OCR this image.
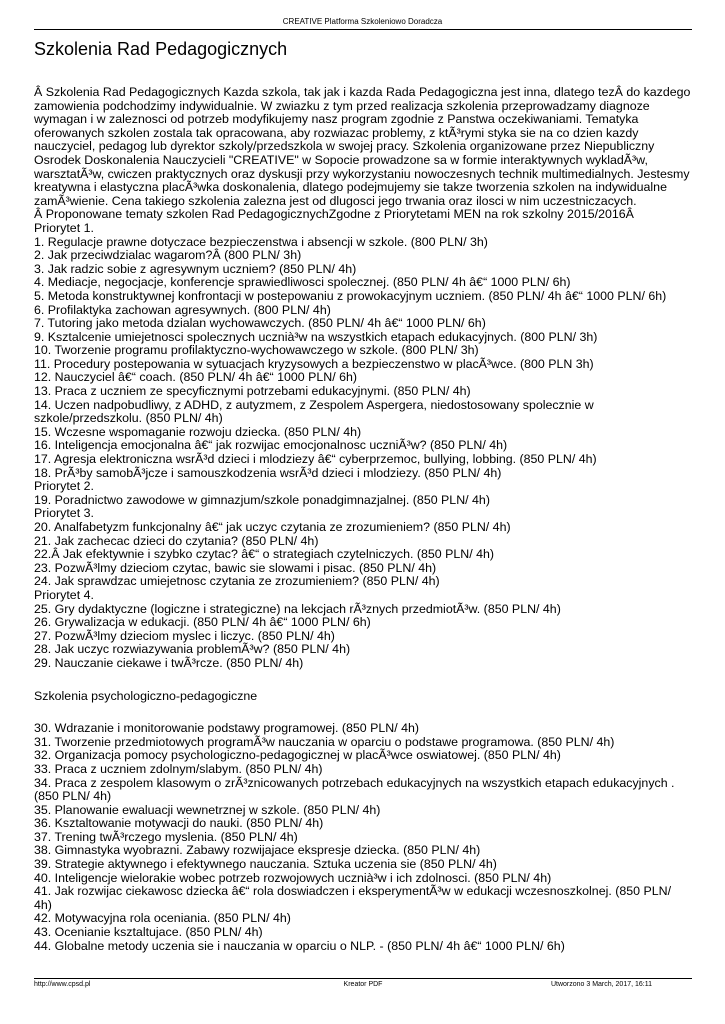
CREATIVE Platforma Szkoleniowo Doradcza
Szkolenia Rad Pedagogicznych

Â Szkolenia Rad Pedagogicznych Kazda szkola, tak jak i kazda Rada Pedagogiczna jest inna, dlatego tezÂ do kazdego zamowienia podchodzimy indywidualnie. W zwiazku z tym przed realizacja szkolenia przeprowadzamy diagnoze wymagan i w zaleznosci od potrzeb modyfikujemy nasz program zgodnie z Panstwa oczekiwaniami. Tematyka oferowanych szkolen zostala tak opracowana, aby rozwiazac problemy, z ktÃ³rymi styka sie na co dzien kazdy nauczyciel, pedagog lub dyrektor szkoly/przedszkola w swojej pracy. Szkolenia organizowane przez Niepubliczny Osrodek Doskonalenia Nauczycieli "CREATIVE" w Sopocie prowadzone sa w formie interaktywnych wykladÃ³w, warsztatÃ³w, cwiczen praktycznych oraz dyskusji przy wykorzystaniu nowoczesnych technik multimedialnych. Jestesmy kreatywna i elastyczna placÃ³wka doskonalenia, dlatego podejmujemy sie takze tworzenia szkolen na indywidualne zamÃ³wienie. Cena takiego szkolenia zalezna jest od dlugosci jego trwania oraz ilosci w nim uczestniczacych.

Â Proponowane tematy szkolen Rad PedagogicznychZgodne z Priorytetami MEN na rok szkolny 2015/2016Â

Priorytet 1.

1. Regulacje prawne dotyczace bezpieczenstwa i absencji w szkole. (800 PLN/ 3h)

2. Jak przeciwdzialac wagarom?Â (800 PLN/ 3h)

3. Jak radzic sobie z agresywnym uczniem? (850 PLN/ 4h)

4. Mediacje, negocjacje, konferencje sprawiedliwosci spolecznej. (850 PLN/ 4h â€“ 1000 PLN/ 6h)

5. Metoda konstruktywnej konfrontacji w postepowaniu z prowokacyjnym uczniem. (850 PLN/ 4h â€“ 1000 PLN/ 6h)

6. Profilaktyka zachowan agresywnych. (800 PLN/ 4h)

7. Tutoring jako metoda dzialan wychowawczych. (850 PLN/ 4h â€“ 1000 PLN/ 6h)

9. Ksztalcenie umiejetnosci spolecznych ucznià³w na wszystkich etapach edukacyjnych. (800 PLN/ 3h)

10. Tworzenie programu profilaktyczno-wychowawczego w szkole. (800 PLN/ 3h)

11. Procedury postepowania w sytuacjach kryzysowych a bezpieczenstwo w placÃ³wce. (800 PLN 3h)

12. Nauczyciel â€“ coach. (850 PLN/ 4h â€“ 1000 PLN/ 6h)

13. Praca z uczniem ze specyficznymi potrzebami edukacyjnymi. (850 PLN/ 4h)

14. Uczen nadpobudliwy, z ADHD, z autyzmem, z Zespolem Aspergera, niedostosowany spolecznie w szkole/przedszkolu. (850 PLN/ 4h)

15. Wczesne wspomaganie rozwoju dziecka. (850 PLN/ 4h)

16. Inteligencja emocjonalna â€“ jak rozwijac emocjonalnosc uczniÃ³w? (850 PLN/ 4h)

17. Agresja elektroniczna wsrÃ³d dzieci i mlodziezy â€“ cyberprzemoc, bullying, lobbing. (850 PLN/ 4h)

18. PrÃ³by samobÃ³jcze i samouszkodzenia wsrÃ³d dzieci i mlodziezy. (850 PLN/ 4h)

Priorytet 2.

19. Poradnictwo zawodowe w gimnazjum/szkole ponadgimnazjalnej. (850 PLN/ 4h)

Priorytet 3.

20. Analfabetyzm funkcjonalny â€“ jak uczyc czytania ze zrozumieniem? (850 PLN/ 4h)

21. Jak zachecac dzieci do czytania? (850 PLN/ 4h)

22.Â Jak efektywnie i szybko czytac? â€“ o strategiach czytelniczych. (850 PLN/ 4h)

23. PozwÃ³lmy dzieciom czytac, bawic sie slowami i pisac. (850 PLN/ 4h)

24. Jak sprawdzac umiejetnosc czytania ze zrozumieniem? (850 PLN/ 4h)

Priorytet 4.

25. Gry dydaktyczne (logiczne i strategiczne) na lekcjach rÃ³znych przedmiotÃ³w. (850 PLN/ 4h)

26. Grywalizacja w edukacji. (850 PLN/ 4h â€“ 1000 PLN/ 6h)

27. PozwÃ³lmy dzieciom myslec i liczyc. (850 PLN/ 4h)

28. Jak uczyc rozwiazywania problemÃ³w? (850 PLN/ 4h)

29. Nauczanie ciekawe i twÃ³rcze. (850 PLN/ 4h)

Szkolenia psychologiczno-pedagogiczne

30. Wdrazanie i monitorowanie podstawy programowej. (850 PLN/ 4h)

31. Tworzenie przedmiotowych programÃ³w nauczania w oparciu o podstawe programowa. (850 PLN/ 4h)

32. Organizacja pomocy psychologiczno-pedagogicznej w placÃ³wce oswiatowej. (850 PLN/ 4h)

33. Praca z uczniem zdolnym/slabym. (850 PLN/ 4h)

34. Praca z zespolem klasowym o zrÃ³znicowanych potrzebach edukacyjnych na wszystkich etapach edukacyjnych . (850 PLN/ 4h)

35. Planowanie ewaluacji wewnetrznej w szkole. (850 PLN/ 4h)

36. Ksztaltowanie motywacji do nauki. (850 PLN/ 4h)

37. Trening twÃ³rczego myslenia. (850 PLN/ 4h)

38. Gimnastyka wyobrazni. Zabawy rozwijajace ekspresje dziecka. (850 PLN/ 4h)

39. Strategie aktywnego i efektywnego nauczania. Sztuka uczenia sie (850 PLN/ 4h)

40. Inteligencje wielorakie wobec potrzeb rozwojowych ucznià³w i ich zdolnosci. (850 PLN/ 4h)

41. Jak rozwijac ciekawosc dziecka â€“ rola doswiadczen i eksperymentÃ³w w edukacji wczesnoszkolnej. (850 PLN/ 4h)

42. Motywacyjna rola oceniania. (850 PLN/ 4h)

43. Ocenianie ksztaltujace. (850 PLN/ 4h)

44. Globalne metody uczenia sie i nauczania w oparciu o NLP. - (850 PLN/ 4h â€“ 1000 PLN/ 6h)

http://www.cpsd.pl	Kreator PDF	Utworzono 3 March, 2017, 16:11
